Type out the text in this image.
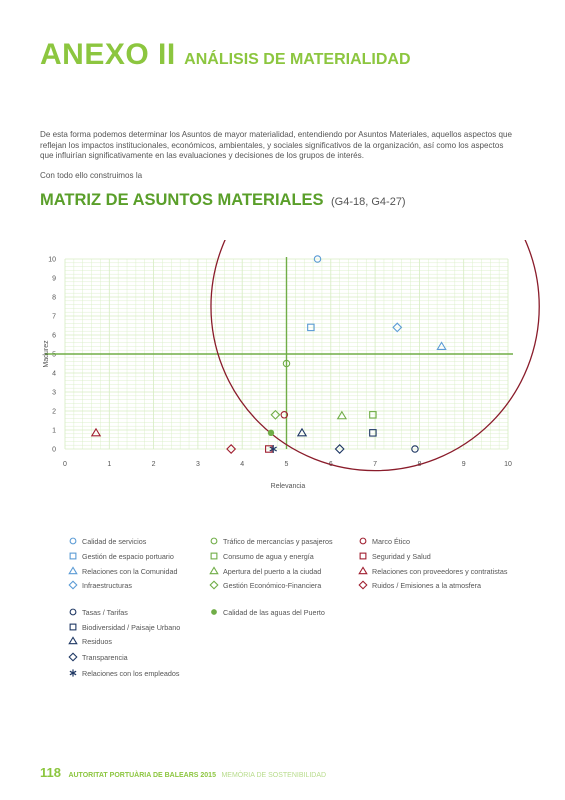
ANEXO II ANÁLISIS DE MATERIALIDAD
De esta forma podemos determinar los Asuntos de mayor materialidad, entendiendo por Asuntos Materiales, aquellos aspectos que reflejan los impactos institucionales, económicos, ambientales, y sociales significativos de la organización, así como los aspectos que influirían significativamente en las evaluaciones y decisiones de los grupos de interés.
Con todo ello construimos la
MATRIZ DE ASUNTOS MATERIALES (G4-18, G4-27)
0	1	2	3	4	5	6	7	8	9	10
0
1
2
3
4
5
6
7
8
9
10
Relevancia
Madurez
Calidad de servicios	Tráfico de mercancías y pasajeros	Marco Ético
Gestión de espacio portuario	Consumo de agua y energía	Seguridad y Salud
Relaciones con la Comunidad	Apertura del puerto a la ciudad	Relaciones con proveedores y contratistas
Infraestructuras	Gestión Económico-Financiera	Ruidos / Emisiones a la atmosfera
Tasas / Tarifas	Calidad de las aguas del Puerto
Biodiversidad / Paisaje Urbano
Residuos
Transparencia
Relaciones con los empleados
118 AUTORITAT PORTUÀRIA DE BALEARS 2015 MEMÒRIA DE SOSTENIBILIDAD
